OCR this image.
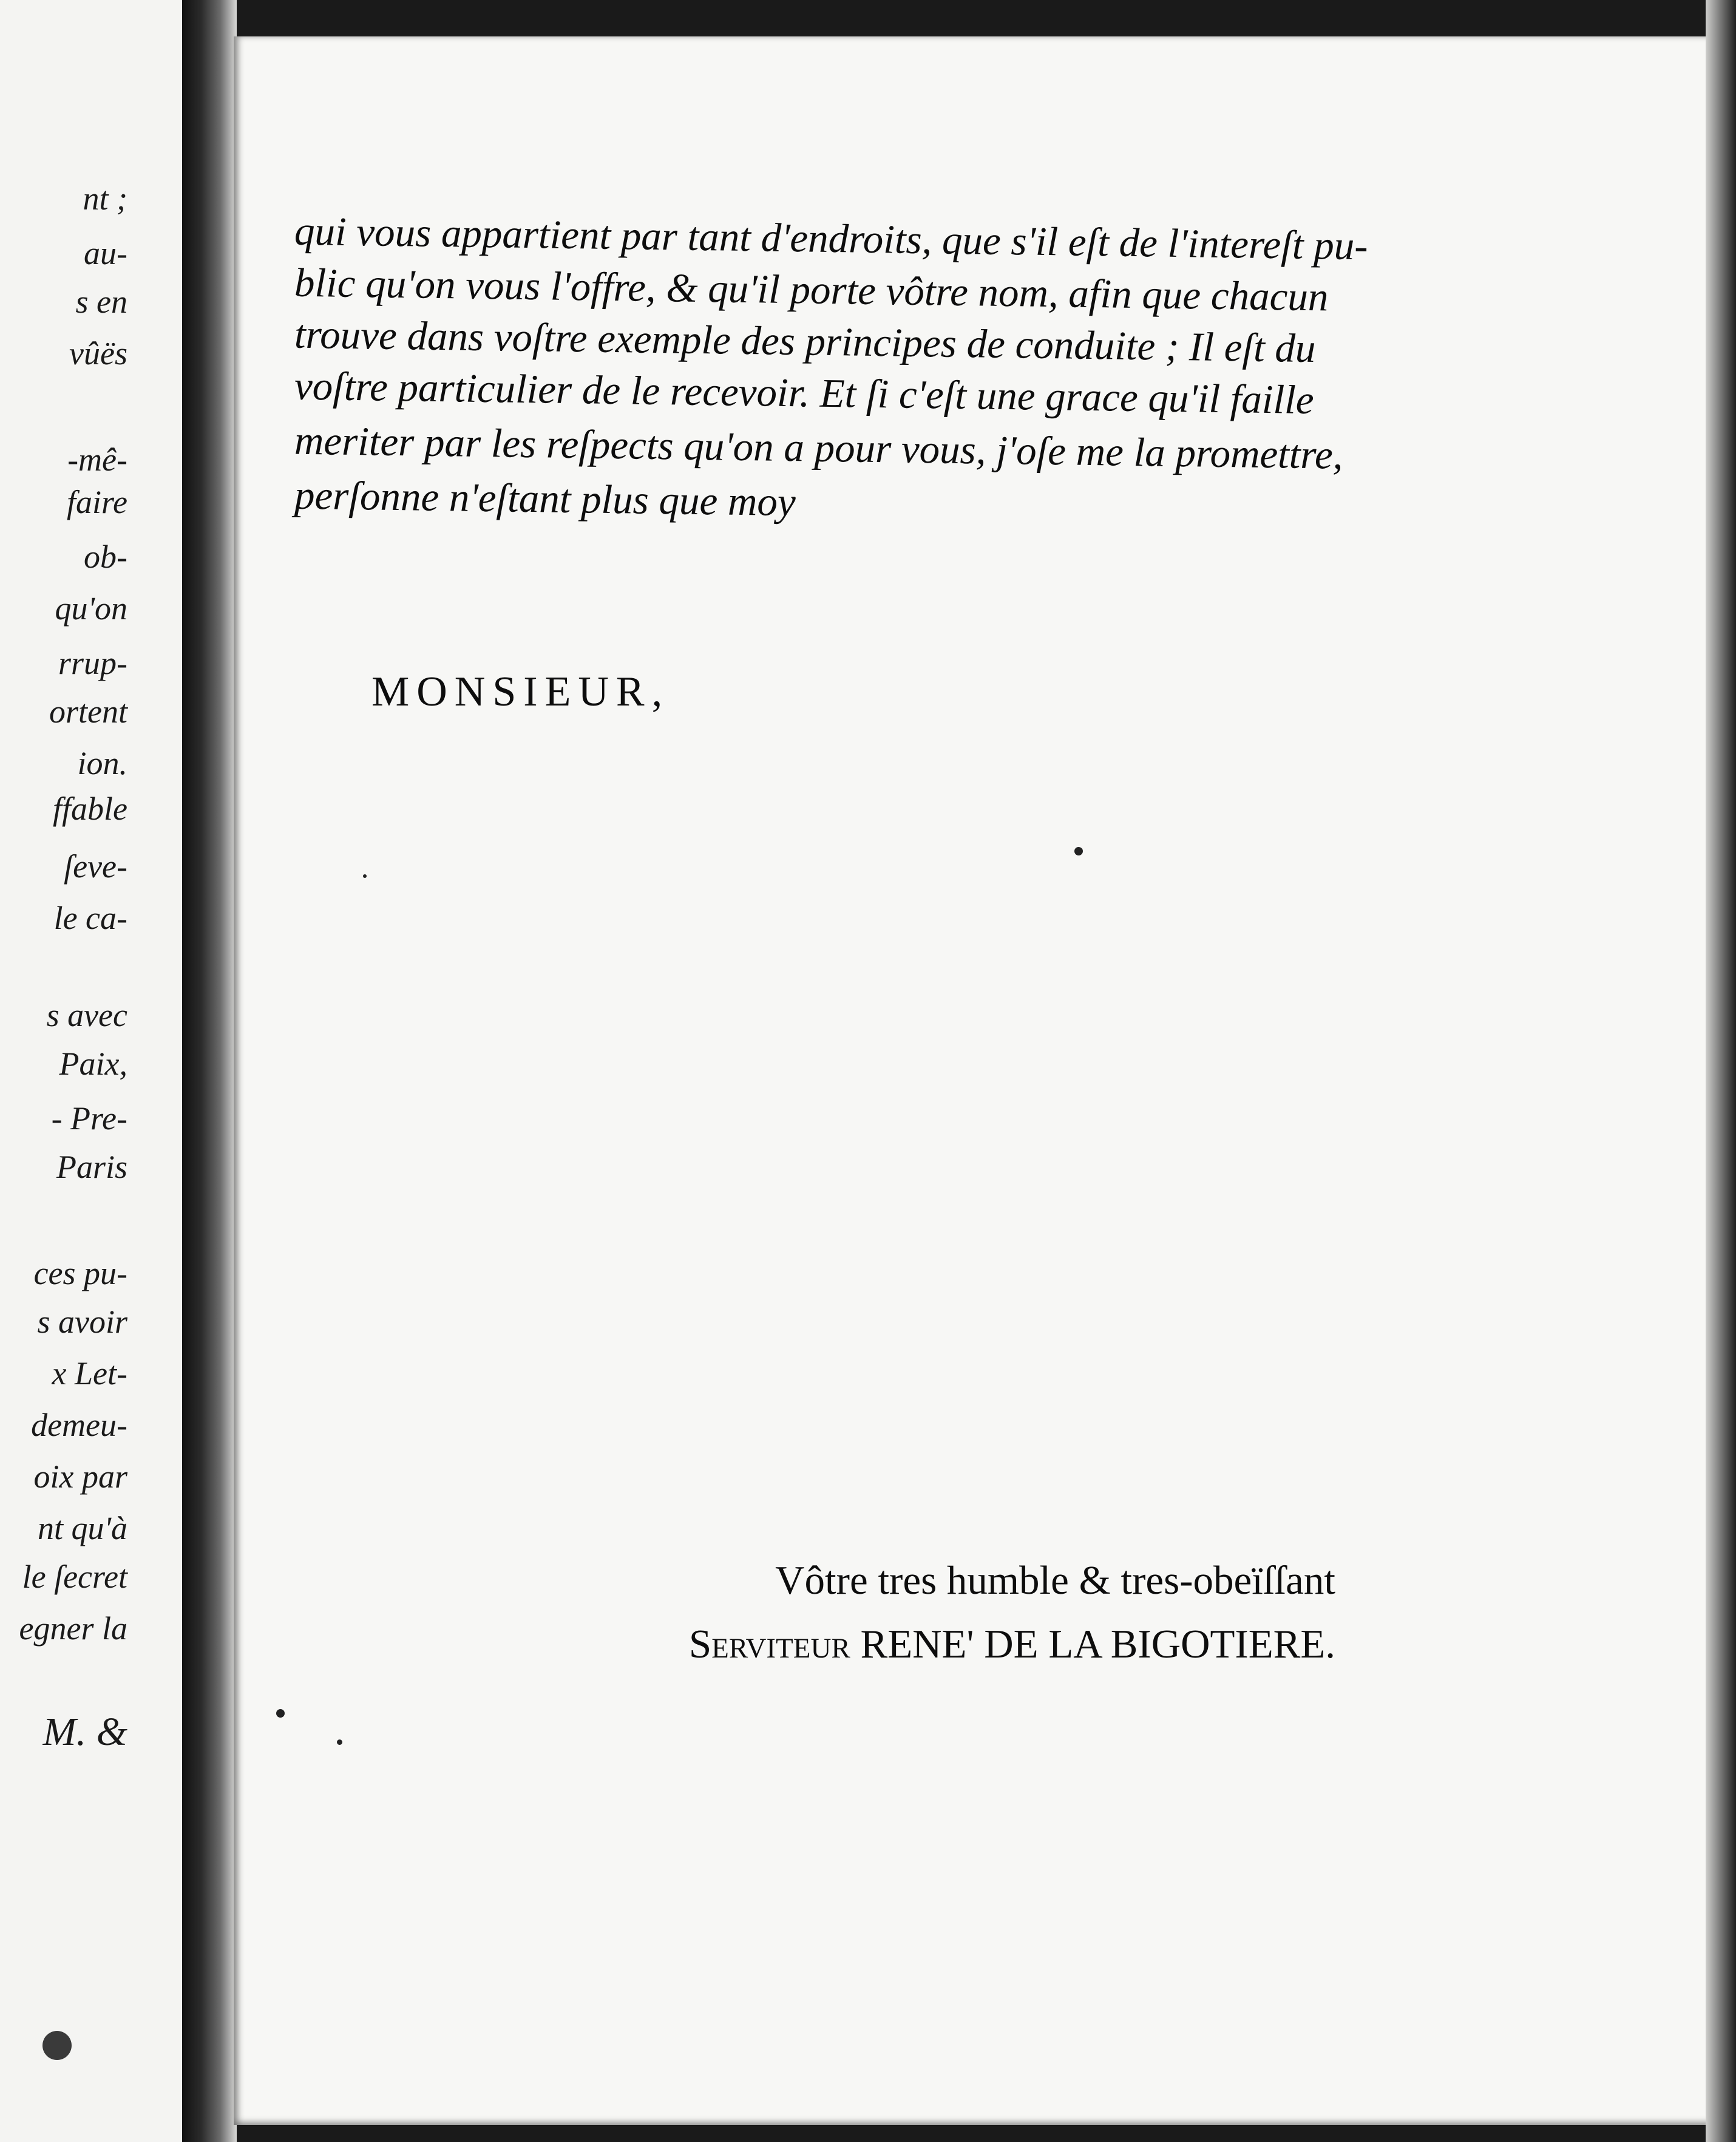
nt ;
au-
s en
vûës
-mê-
faire
ob-
qu'on
rrup-
ortent
ion.
ffable
ſeve-
le ca-
s avec
Paix,
- Pre-
Paris
ces pu-
s avoir
x Let-
demeu-
oix par
nt qu'à
le ſecret
egner la
M. &
qui vous appartient par tant d'endroits, que s'il eſt de l'intereſt pu-
blic qu'on vous l'offre, & qu'il porte vôtre nom, afin que chacun
trouve dans voſtre exemple des principes de conduite ; Il eſt du
voſtre particulier de le recevoir. Et ſi c'eſt une grace qu'il faille
meriter par les reſpects qu'on a pour vous, j'oſe me la promettre,
perſonne n'eſtant plus que moy
MONSIEUR,
Vôtre tres humble & tres-obeïſſant
Serviteur RENE' DE LA BIGOTIERE.
